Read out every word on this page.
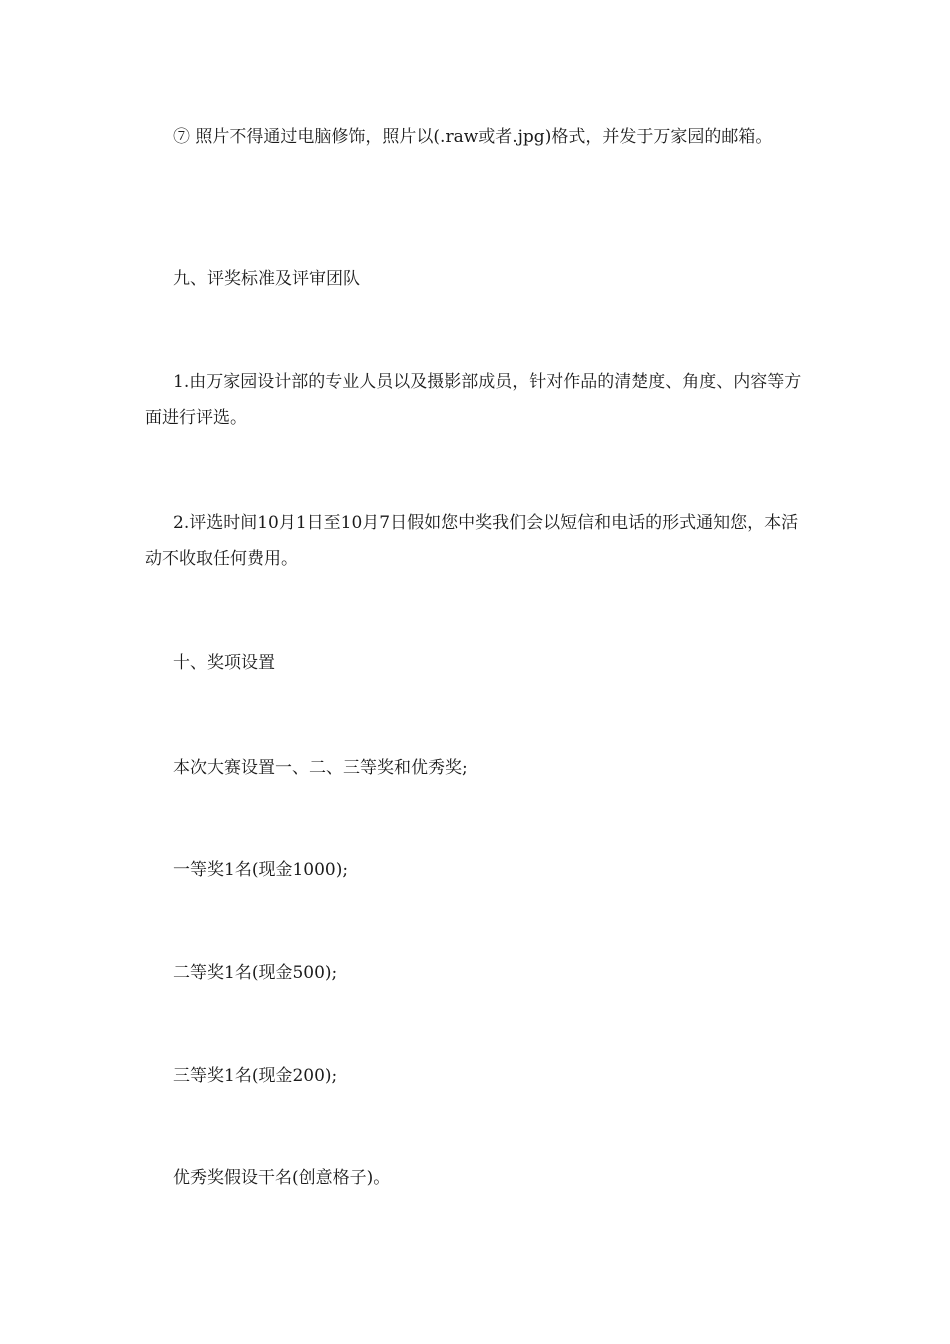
⑦ 照片不得通过电脑修饰，照片以(.raw或者.jpg)格式，并发于万家园的邮箱。

九、评奖标准及评审团队

1.由万家园设计部的专业人员以及摄影部成员，针对作品的清楚度、角度、内容等方面进行评选。

2.评选时间10月1日至10月7日假如您中奖我们会以短信和电话的形式通知您，本活动不收取任何费用。

十、奖项设置

本次大赛设置一、二、三等奖和优秀奖;

一等奖1名(现金1000);

二等奖1名(现金500);

三等奖1名(现金200);

优秀奖假设干名(创意格子)。
